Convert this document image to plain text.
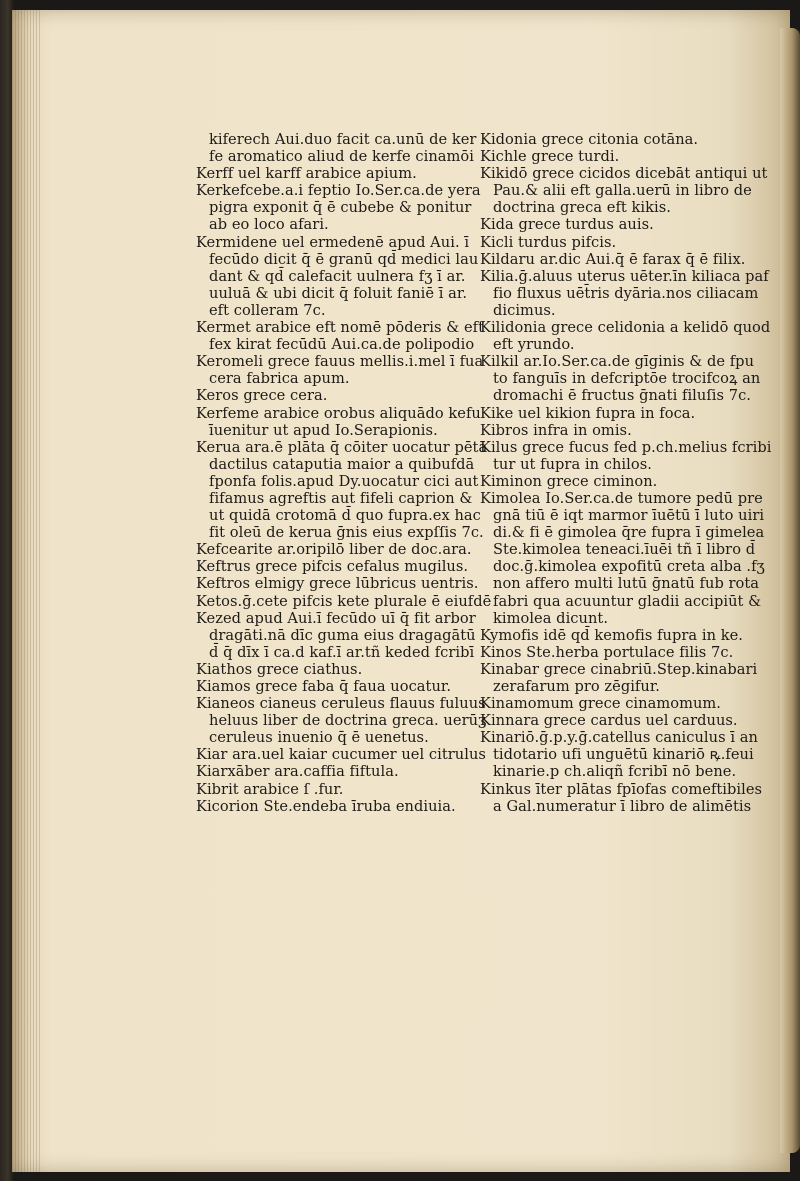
kiferech Aui.duo facit ca.unū de ker
fe aromatico aliud de kerfe cinamōi
Kerff uel karff arabice apium.
Kerkefcebe.a.i feptio Io.Ser.ca.de yera
pigra exponit q̄ ē cubebe & ponitur
ab eo loco afari.
Kermidene uel ermedenē apud Aui. ī
fecūdo dicit q̄ ē granū qd̄ medici lau
dant & qd̄ calefacit uulnera fʒ ī ar.
uuluā & ubi dicit q̄ foluit faniē ī ar.
eft colleram 7c.
Kermet arabice eft nomē pōderis & eft
fex kirat fecūdū Aui.ca.de polipodio
Keromeli grece fauus mellis.i.mel ī fua
cera fabrica apum.
Keros grece cera.
Kerfeme arabice orobus aliquādo kefu
īuenitur ut apud Io.Serapionis.
Kerua ara.ē plāta q̄ cōiter uocatur pētā
dactilus cataputia maior a quibufdā
fponfa folis.apud Dy.uocatur cici aut
fifamus agreftis aut fifeli caprion &
ut quidā crotomā d̄ quo fupra.ex hac
fit oleū de kerua ḡnis eius expſſis 7c.
Kefcearite ar.oripilō liber de doc.ara.
Keftrus grece pifcis cefalus mugilus.
Keftros elmigy grece lūbricus uentris.
Ketos.ḡ.cete pifcis kete plurale ē eiufdē
Kezed apud Aui.ī fecūdo uī q̄ fit arbor
dragāti.nā dīc guma eius dragagātū
d̄ q̄ dīx ī ca.d kaf.ī ar.tñ keded fcribī
Kiathos grece ciathus.
Kiamos grece faba q̄ faua uocatur.
Kianeos cianeus ceruleus flauus fuluus
heluus liber de doctrina greca. uerūʒ
ceruleus inuenio q̄ ē uenetus.
Kiar ara.uel kaiar cucumer uel citrulus
Kiarxāber ara.caffia fiftula.
Kibrit arabice ſ .fur.
Kicorion Ste.endeba īruba endiuia.
Kidonia grece citonia cotāna.
Kichle grece turdi.
Kikidō grece cicidos dicebāt antiqui ut
Pau.& alii eft galla.uerū in libro de
doctrina greca eft kikis.
Kida grece turdus auis.
Kicli turdus pifcis.
Kildaru ar.dic Aui.q̄ ē farax q̄ ē filix.
Kilia.ḡ.aluus uterus uēter.īn kiliaca paf
fio fluxus uēt̄ris dyāria.nos ciliacam
dicimus.
Kilidonia grece celidonia a kelidō quod
eft yrundo.
Kilkil ar.Io.Ser.ca.de gīginis & de fpu
to fanguīs in defcriptōe trocifcoꝝ an
dromachi ē fructus ḡnati filuſis 7c.
Kike uel kikion fupra in foca.
Kibros infra in omis.
Kilus grece fucus fed p.ch.melius fcribi
tur ut fupra in chilos.
Kiminon grece ciminon.
Kimolea Io.Ser.ca.de tumore pedū pre
gnā tiū ē iqt marmor īuētū ī luto uiri
di.& fi ē gimolea q̄re fupra ī gimelea
Ste.kimolea teneaci.īuēi tñ ī libro d̄
doc.ḡ.kimolea expofitū creta alba .fʒ
non affero multi lutū ḡnatū fub rota
fabri qua acuuntur gladii accipiūt &
kimolea dicunt.
Kymofis idē qd̄ kemofis fupra in ke.
Kinos Ste.herba portulace filis 7c.
Kinabar grece cinabriū.Step.kinabari
zerafarum pro zēgifur.
Kinamomum grece cinamomum.
Kinnara grece cardus uel carduus.
Kinariō.ḡ.p.y.ḡ.catellus caniculus ī an
tidotario ufi unguētū kinariō ꝶ.feui
kinarie.p ch.aliqñ fcribī nō bene.
Kinkus īter plātas fpīofas comeftibiles
a Gal.numeratur ī libro de alimētis
